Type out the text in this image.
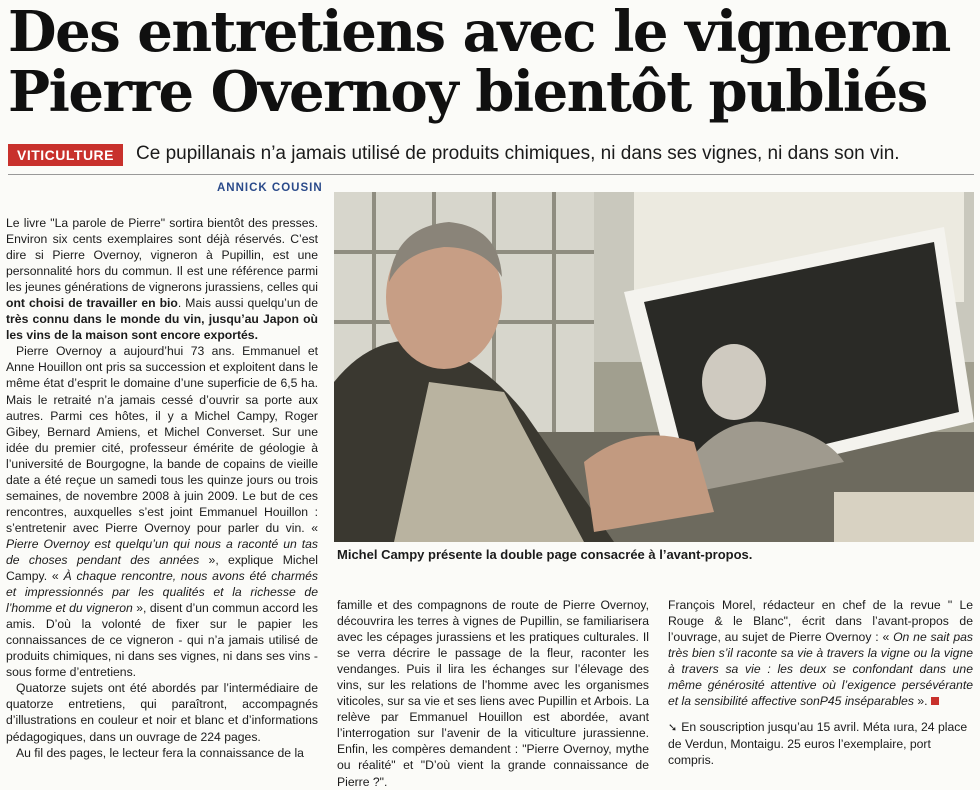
Des entretiens avec le vigneron
Pierre Overnoy bientôt publiés
VITICULTURE	Ce pupillanais n’a jamais utilisé de produits chimiques, ni dans ses vignes, ni dans son vin.
ANNICK COUSIN

Le livre "La parole de Pierre" sortira bientôt des presses. Environ six cents exemplaires sont déjà réservés. C’est dire si Pierre Overnoy, vigneron à Pupillin, est une personnalité hors du commun. Il est une référence parmi les jeunes générations de vignerons jurassiens, celles qui ont choisi de travailler en bio. Mais aussi quelqu’un de très connu dans le monde du vin, jusqu’au Japon où les vins de la maison sont encore exportés.

Pierre Overnoy a aujourd’hui 73 ans. Emmanuel et Anne Houillon ont pris sa succession et exploitent dans le même état d’esprit le domaine d’une superficie de 6,5 ha. Mais le retraité n’a jamais cessé d’ouvrir sa porte aux autres. Parmi ces hôtes, il y a Michel Campy, Roger Gibey, Bernard Amiens, et Michel Converset. Sur une idée du premier cité, professeur émérite de géologie à l’université de Bourgogne, la bande de copains de vieille date a été reçue un samedi tous les quinze jours ou trois semaines, de novembre 2008 à juin 2009. Le but de ces rencontres, auxquelles s’est joint Emmanuel Houillon : s’entretenir avec Pierre Overnoy pour parler du vin. « Pierre Overnoy est quelqu’un qui nous a raconté un tas de choses pendant des années », explique Michel Campy. « À chaque rencontre, nous avons été charmés et impressionnés par les qualités et la richesse de l’homme et du vigneron », disent d’un commun accord les amis. D’où la volonté de fixer sur le papier les connaissances de ce vigneron - qui n’a jamais utilisé de produits chimiques, ni dans ses vignes, ni dans ses vins - sous forme d’entretiens.

Quatorze sujets ont été abordés par l’intermédiaire de quatorze entretiens, qui paraîtront, accompagnés d’illustrations en couleur et noir et blanc et d’informations pédagogiques, dans un ouvrage de 224 pages.

Au fil des pages, le lecteur fera la connaissance de la

Michel Campy présente la double page consacrée à l’avant-propos.

famille et des compagnons de route de Pierre Overnoy, découvrira les terres à vignes de Pupillin, se familiarisera avec les cépages jurassiens et les pratiques culturales. Il se verra décrire le passage de la fleur, raconter les vendanges. Puis il lira les échanges sur l’élevage des vins, sur les relations de l’homme avec les organismes viticoles, sur sa vie et ses liens avec Pupillin et Arbois. La relève par Emmanuel Houillon est abordée, avant l’interrogation sur l’avenir de la viticulture jurassienne. Enfin, les compères demandent : "Pierre Overnoy, mythe ou réalité" et "D’où vient la grande connaissance de Pierre ?".

François Morel, rédacteur en chef de la revue " Le Rouge & le Blanc", écrit dans l’avant-propos de l’ouvrage, au sujet de Pierre Overnoy : « On ne sait pas très bien s’il raconte sa vie à travers la vigne ou la vigne à travers sa vie : les deux se confondant dans une même générosité attentive où l’exigence persévérante et la sensibilité affective sonP45 inséparables ».

➘ En souscription jusqu’au 15 avril. Méta ıura, 24 place de Verdun, Montaigu. 25 euros l’exemplaire, port compris.
